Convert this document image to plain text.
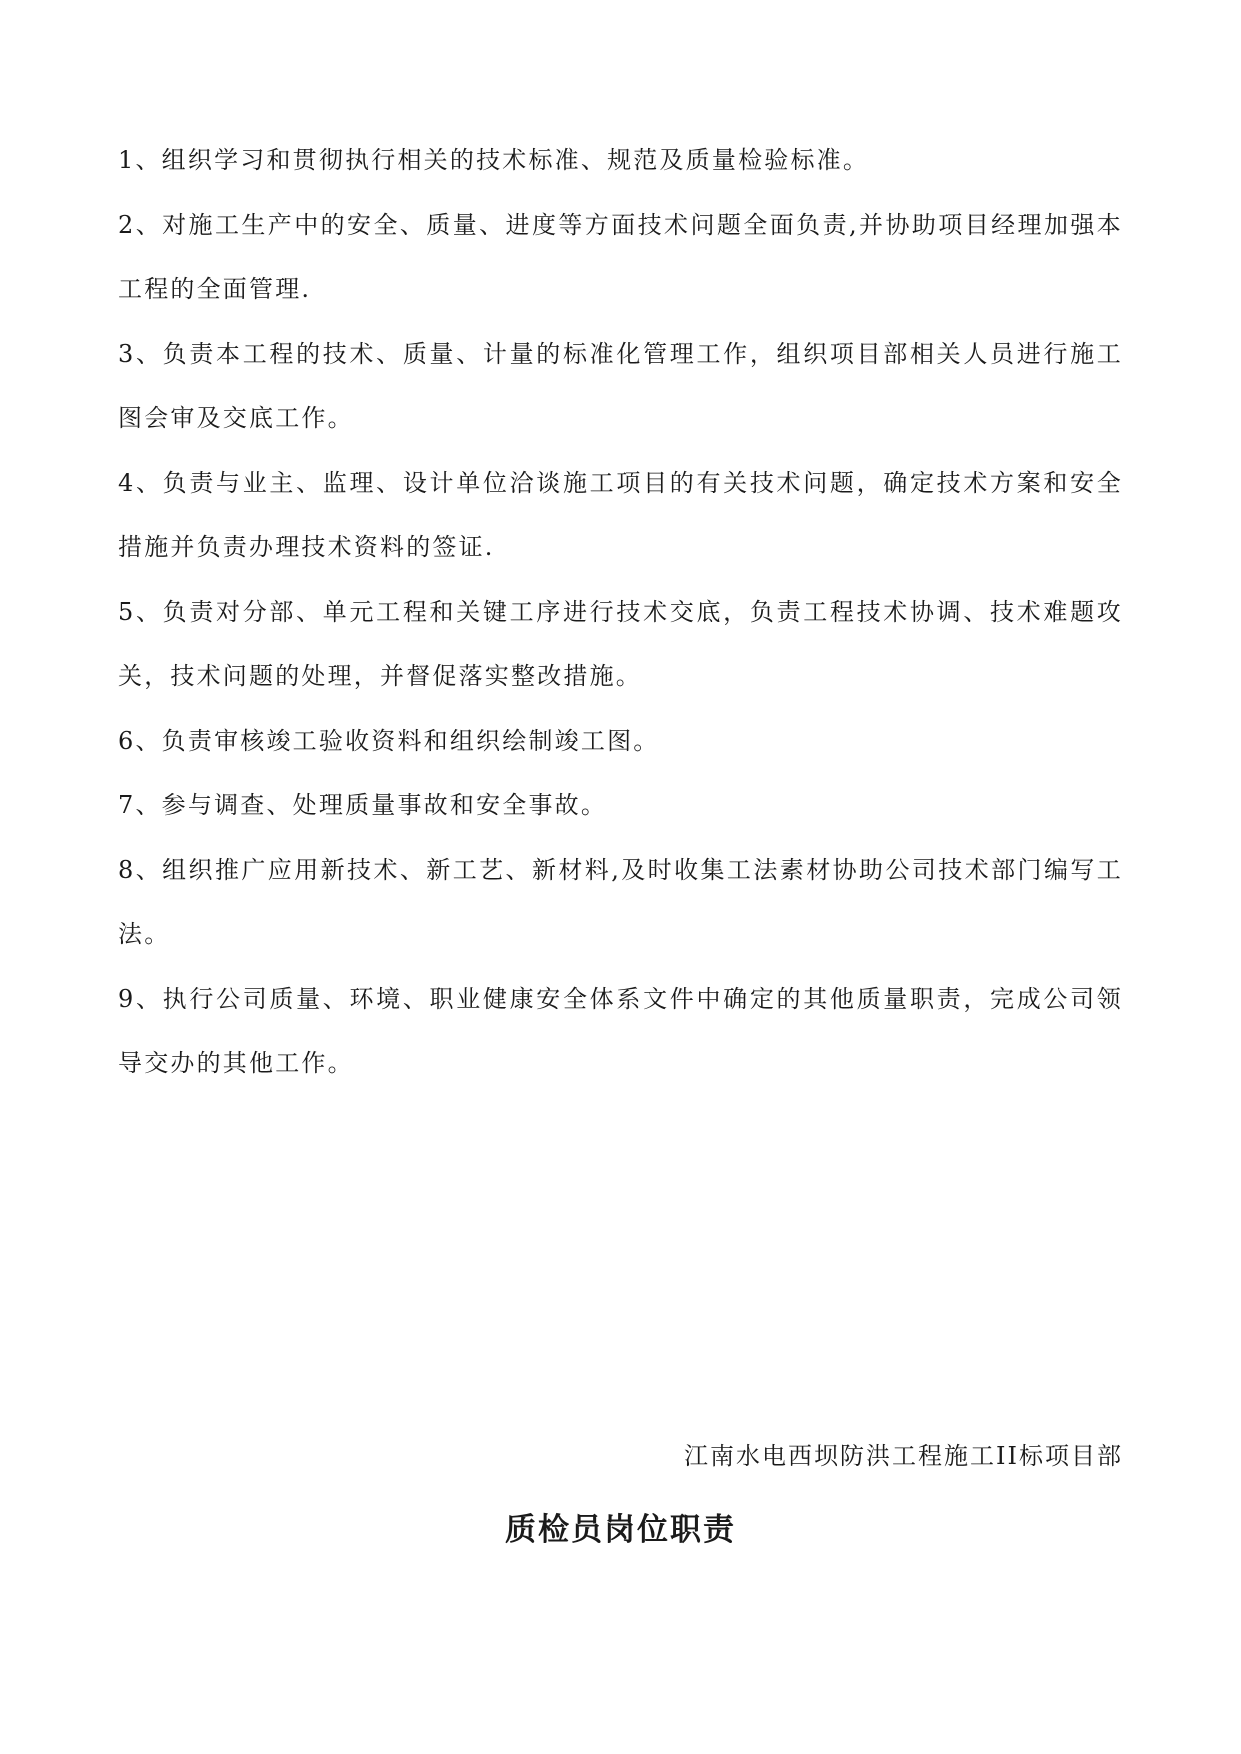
1、组织学习和贯彻执行相关的技术标准、规范及质量检验标准。
2、对施工生产中的安全、质量、进度等方面技术问题全面负责,并协助项目经理加强本工程的全面管理.
3、负责本工程的技术、质量、计量的标准化管理工作，组织项目部相关人员进行施工图会审及交底工作。
4、负责与业主、监理、设计单位洽谈施工项目的有关技术问题，确定技术方案和安全措施并负责办理技术资料的签证.
5、负责对分部、单元工程和关键工序进行技术交底，负责工程技术协调、技术难题攻关，技术问题的处理，并督促落实整改措施。
6、负责审核竣工验收资料和组织绘制竣工图。
7、参与调查、处理质量事故和安全事故。
8、组织推广应用新技术、新工艺、新材料,及时收集工法素材协助公司技术部门编写工法。
9、执行公司质量、环境、职业健康安全体系文件中确定的其他质量职责，完成公司领导交办的其他工作。

江南水电西坝防洪工程施工II标项目部

质检员岗位职责
